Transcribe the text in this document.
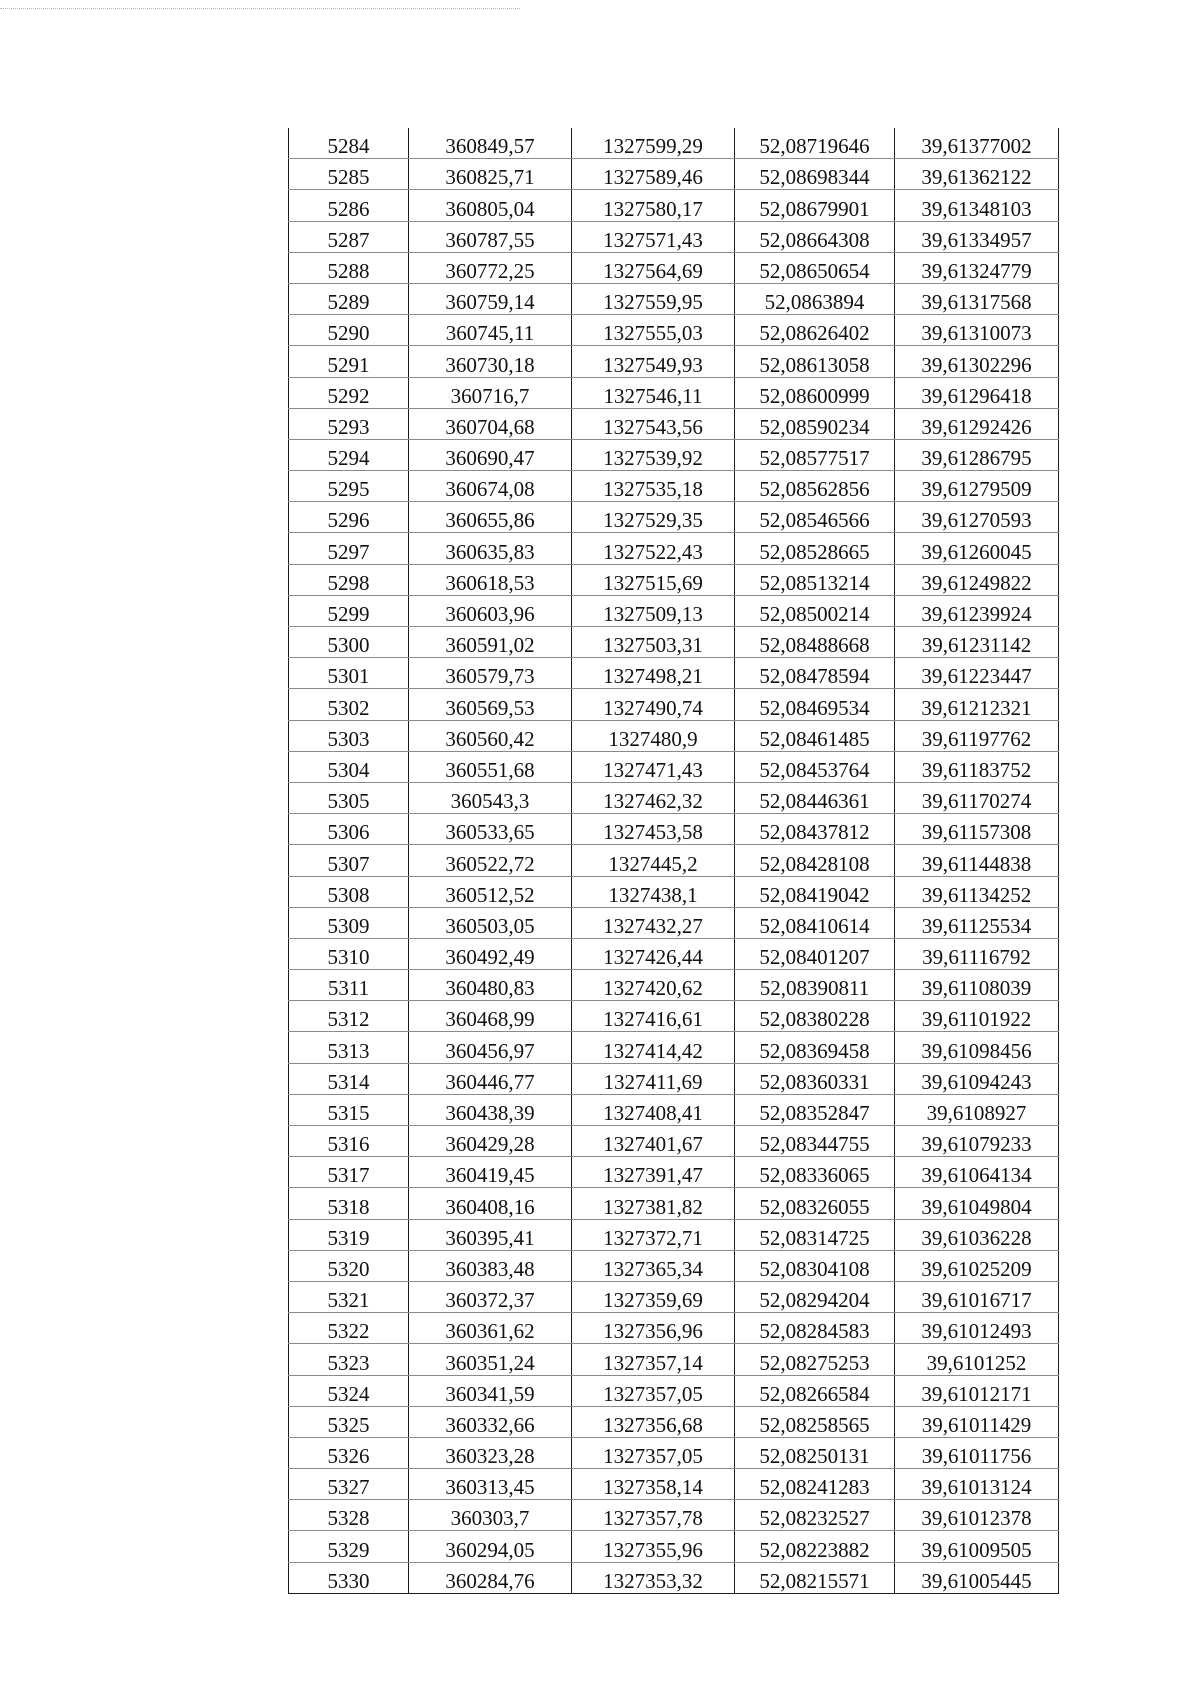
5284	360849,57	1327599,29	52,08719646	39,61377002
5285	360825,71	1327589,46	52,08698344	39,61362122
5286	360805,04	1327580,17	52,08679901	39,61348103
5287	360787,55	1327571,43	52,08664308	39,61334957
5288	360772,25	1327564,69	52,08650654	39,61324779
5289	360759,14	1327559,95	52,0863894	39,61317568
5290	360745,11	1327555,03	52,08626402	39,61310073
5291	360730,18	1327549,93	52,08613058	39,61302296
5292	360716,7	1327546,11	52,08600999	39,61296418
5293	360704,68	1327543,56	52,08590234	39,61292426
5294	360690,47	1327539,92	52,08577517	39,61286795
5295	360674,08	1327535,18	52,08562856	39,61279509
5296	360655,86	1327529,35	52,08546566	39,61270593
5297	360635,83	1327522,43	52,08528665	39,61260045
5298	360618,53	1327515,69	52,08513214	39,61249822
5299	360603,96	1327509,13	52,08500214	39,61239924
5300	360591,02	1327503,31	52,08488668	39,61231142
5301	360579,73	1327498,21	52,08478594	39,61223447
5302	360569,53	1327490,74	52,08469534	39,61212321
5303	360560,42	1327480,9	52,08461485	39,61197762
5304	360551,68	1327471,43	52,08453764	39,61183752
5305	360543,3	1327462,32	52,08446361	39,61170274
5306	360533,65	1327453,58	52,08437812	39,61157308
5307	360522,72	1327445,2	52,08428108	39,61144838
5308	360512,52	1327438,1	52,08419042	39,61134252
5309	360503,05	1327432,27	52,08410614	39,61125534
5310	360492,49	1327426,44	52,08401207	39,61116792
5311	360480,83	1327420,62	52,08390811	39,61108039
5312	360468,99	1327416,61	52,08380228	39,61101922
5313	360456,97	1327414,42	52,08369458	39,61098456
5314	360446,77	1327411,69	52,08360331	39,61094243
5315	360438,39	1327408,41	52,08352847	39,6108927
5316	360429,28	1327401,67	52,08344755	39,61079233
5317	360419,45	1327391,47	52,08336065	39,61064134
5318	360408,16	1327381,82	52,08326055	39,61049804
5319	360395,41	1327372,71	52,08314725	39,61036228
5320	360383,48	1327365,34	52,08304108	39,61025209
5321	360372,37	1327359,69	52,08294204	39,61016717
5322	360361,62	1327356,96	52,08284583	39,61012493
5323	360351,24	1327357,14	52,08275253	39,6101252
5324	360341,59	1327357,05	52,08266584	39,61012171
5325	360332,66	1327356,68	52,08258565	39,61011429
5326	360323,28	1327357,05	52,08250131	39,61011756
5327	360313,45	1327358,14	52,08241283	39,61013124
5328	360303,7	1327357,78	52,08232527	39,61012378
5329	360294,05	1327355,96	52,08223882	39,61009505
5330	360284,76	1327353,32	52,08215571	39,61005445
